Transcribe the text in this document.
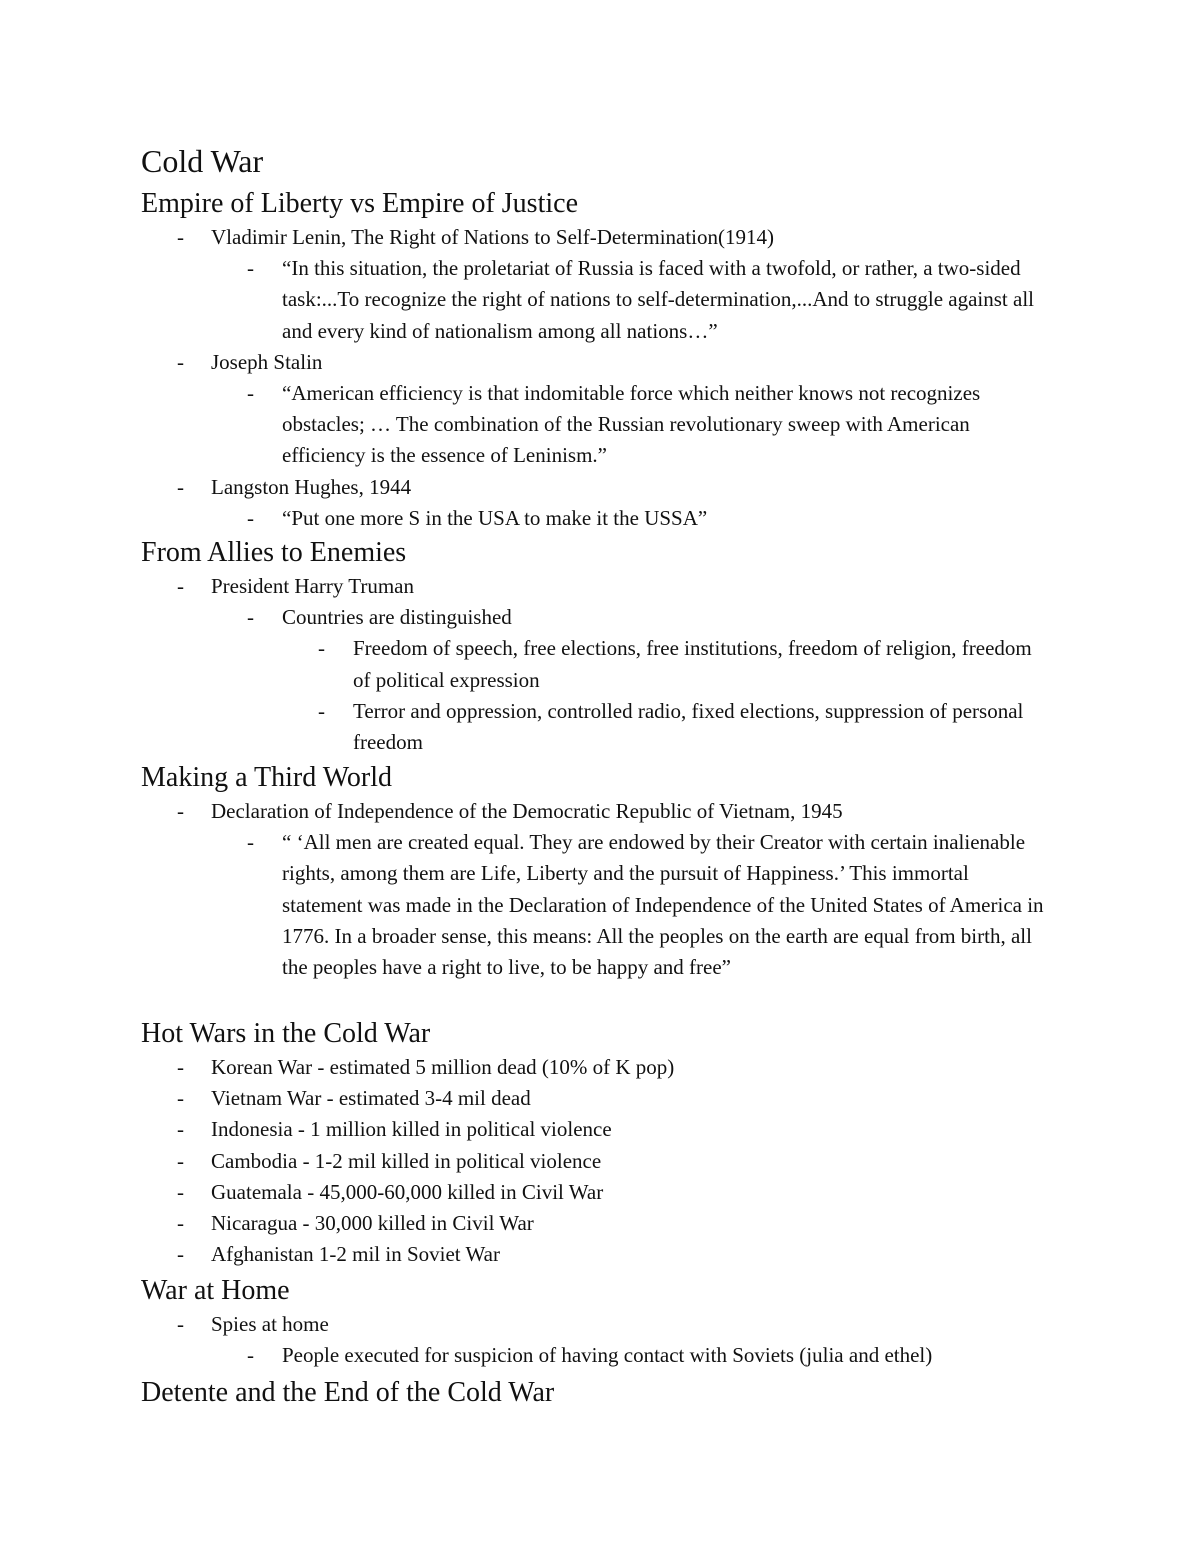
Cold War
Empire of Liberty vs Empire of Justice
- Vladimir Lenin, The Right of Nations to Self-Determination(1914)
- “In this situation, the proletariat of Russia is faced with a twofold, or rather, a two-sided task:...To recognize the right of nations to self-determination,...And to struggle against all and every kind of nationalism among all nations…”
- Joseph Stalin
- “American efficiency is that indomitable force which neither knows not recognizes obstacles; … The combination of the Russian revolutionary sweep with American efficiency is the essence of Leninism.”
- Langston Hughes, 1944
- “Put one more S in the USA to make it the USSA”
From Allies to Enemies
- President Harry Truman
- Countries are distinguished
- Freedom of speech, free elections, free institutions, freedom of religion, freedom of political expression
- Terror and oppression, controlled radio, fixed elections, suppression of personal freedom
Making a Third World
- Declaration of Independence of the Democratic Republic of Vietnam, 1945
- “ ‘All men are created equal. They are endowed by their Creator with certain inalienable rights, among them are Life, Liberty and the pursuit of Happiness.’ This immortal statement was made in the Declaration of Independence of the United States of America in 1776. In a broader sense, this means: All the peoples on the earth are equal from birth, all the peoples have a right to live, to be happy and free”
Hot Wars in the Cold War
- Korean War - estimated 5 million dead (10% of K pop)
- Vietnam War - estimated 3-4 mil dead
- Indonesia - 1 million killed in political violence
- Cambodia - 1-2 mil killed in political violence
- Guatemala - 45,000-60,000 killed in Civil War
- Nicaragua - 30,000 killed in Civil War
- Afghanistan 1-2 mil in Soviet War
War at Home
- Spies at home
- People executed for suspicion of having contact with Soviets (julia and ethel)
Detente and the End of the Cold War
